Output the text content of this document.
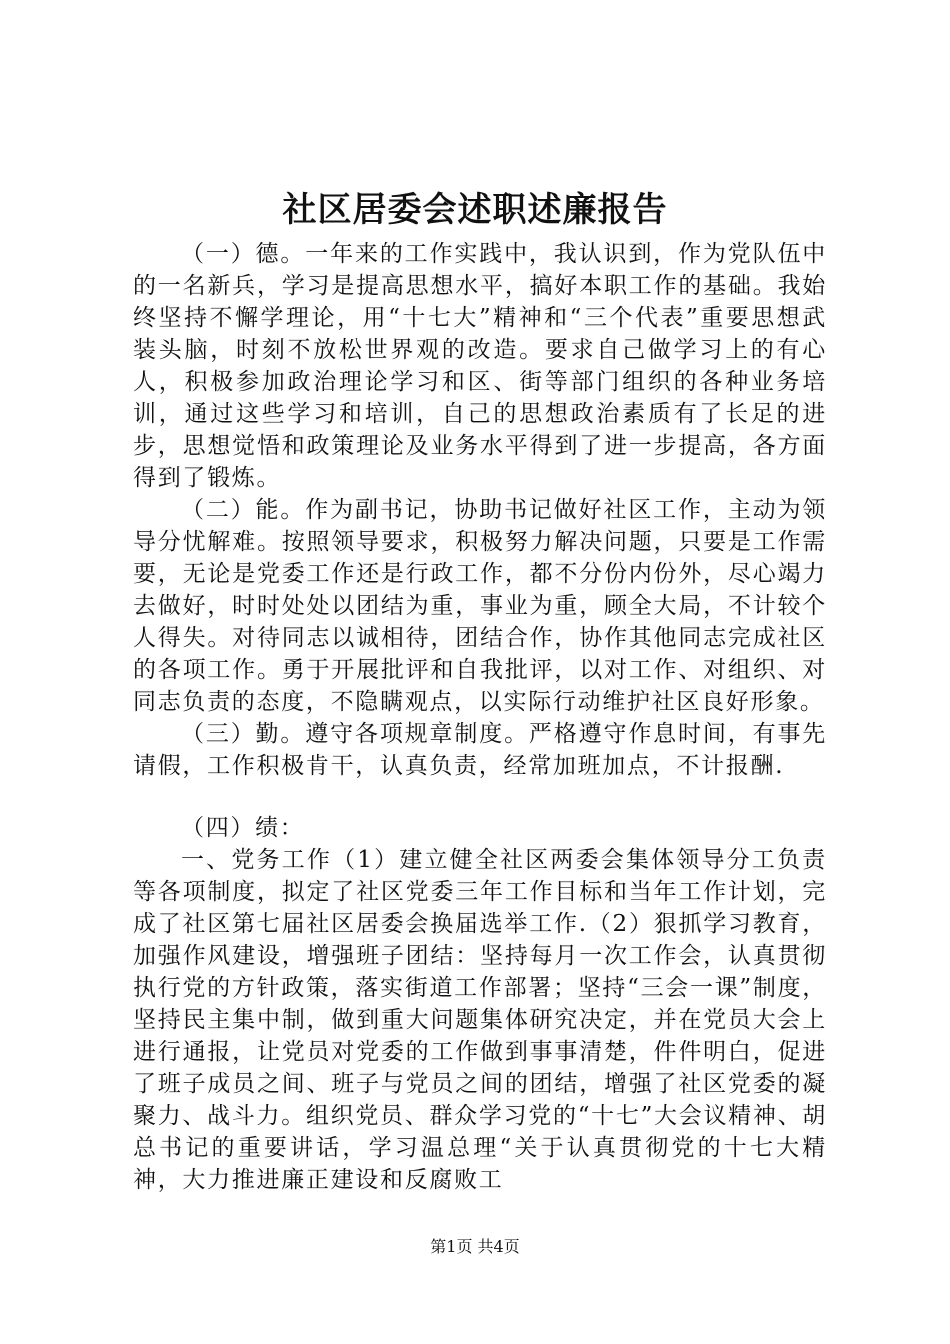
社区居委会述职述廉报告

（一）德。一年来的工作实践中，我认识到，作为党队伍中的一名新兵，学习是提高思想水平，搞好本职工作的基础。我始终坚持不懈学理论，用“十七大”精神和“三个代表”重要思想武装头脑，时刻不放松世界观的改造。要求自己做学习上的有心人，积极参加政治理论学习和区、街等部门组织的各种业务培训，通过这些学习和培训，自己的思想政治素质有了长足的进步，思想觉悟和政策理论及业务水平得到了进一步提高，各方面得到了锻炼。

（二）能。作为副书记，协助书记做好社区工作，主动为领导分忧解难。按照领导要求，积极努力解决问题，只要是工作需要，无论是党委工作还是行政工作，都不分份内份外，尽心竭力去做好，时时处处以团结为重，事业为重，顾全大局，不计较个人得失。对待同志以诚相待，团结合作，协作其他同志完成社区的各项工作。勇于开展批评和自我批评，以对工作、对组织、对同志负责的态度，不隐瞒观点，以实际行动维护社区良好形象。

（三）勤。遵守各项规章制度。严格遵守作息时间，有事先请假，工作积极肯干，认真负责，经常加班加点，不计报酬.

（四）绩：

一、党务工作（1）建立健全社区两委会集体领导分工负责等各项制度，拟定了社区党委三年工作目标和当年工作计划，完成了社区第七届社区居委会换届选举工作.（2）狠抓学习教育，加强作风建设，增强班子团结：坚持每月一次工作会，认真贯彻执行党的方针政策，落实街道工作部署；坚持“三会一课”制度，坚持民主集中制，做到重大问题集体研究决定，并在党员大会上进行通报，让党员对党委的工作做到事事清楚，件件明白，促进了班子成员之间、班子与党员之间的团结，增强了社区党委的凝聚力、战斗力。组织党员、群众学习党的“十七”大会议精神、胡总书记的重要讲话，学习温总理“关于认真贯彻党的十七大精神，大力推进廉正建设和反腐败工

第1页 共4页
